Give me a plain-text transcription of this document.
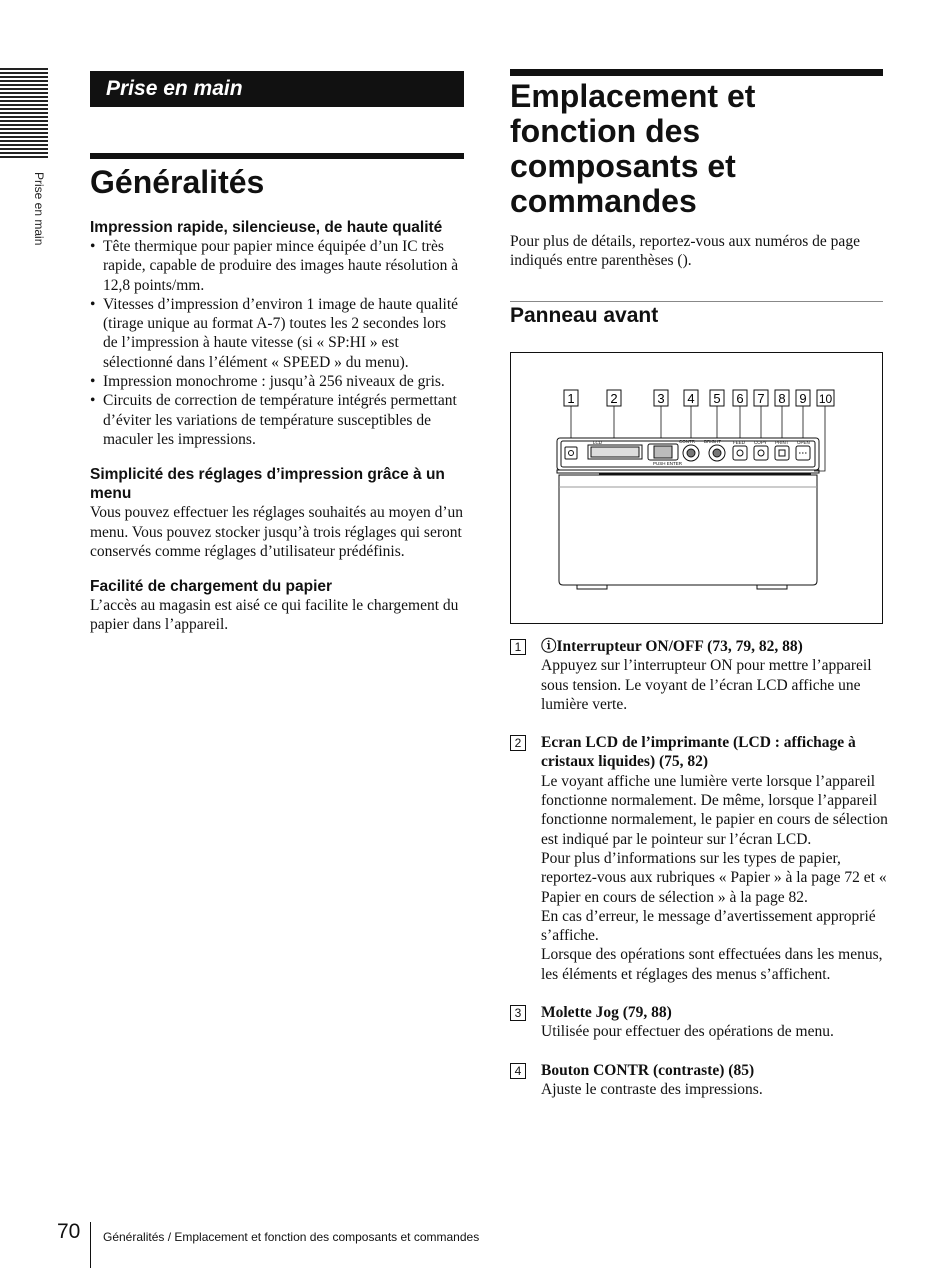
Prise en main
Prise en main
Généralités

Impression rapide, silencieuse, de haute qualité

• Tête thermique pour papier mince équipée d’un IC très rapide, capable de produire des images haute résolution à 12,8 points/mm.
• Vitesses d’impression d’environ 1 image de haute qualité (tirage unique au format A-7) toutes les 2 secondes lors de l’impression à haute vitesse (si « SP:HI » est sélectionné dans l’élément « SPEED » du menu).
• Impression monochrome : jusqu’à 256 niveaux de gris.
• Circuits de correction de température intégrés permettant d’éviter les variations de température susceptibles de maculer les impressions.

Simplicité des réglages d’impression grâce à un menu

Vous pouvez effectuer les réglages souhaités au moyen d’un menu. Vous pouvez stocker jusqu’à trois réglages qui seront conservés comme réglages d’utilisateur prédéfinis.

Facilité de chargement du papier

L’accès au magasin est aisé ce qui facilite le chargement du papier dans l’appareil.

Emplacement et fonction des composants et commandes

Pour plus de détails, reportez-vous aux numéros de page indiqués entre parenthèses ().

Panneau avant
1	2	3 4 5 6 7 8 9 10
LCD	CONTR BRIGHT	FEED COPY PRINT OPEN
PUSH ENTER
1	ⓘInterrupteur ON/OFF (73, 79, 82, 88)

Appuyez sur l’interrupteur ON pour mettre l’appareil sous tension. Le voyant de l’écran LCD affiche une lumière verte.

2	Ecran LCD de l’imprimante (LCD : affichage à cristaux liquides) (75, 82)

Le voyant affiche une lumière verte lorsque l’appareil fonctionne normalement. De même, lorsque l’appareil fonctionne normalement, le papier en cours de sélection est indiqué par le pointeur sur l’écran LCD.
Pour plus d’informations sur les types de papier, reportez-vous aux rubriques « Papier » à la page 72 et « Papier en cours de sélection » à la page 82.
En cas d’erreur, le message d’avertissement approprié s’affiche.
Lorsque des opérations sont effectuées dans les menus, les éléments et réglages des menus s’affichent.

3	Molette Jog (79, 88)

Utilisée pour effectuer des opérations de menu.

4	Bouton CONTR (contraste) (85)

Ajuste le contraste des impressions.

70 Généralités / Emplacement et fonction des composants et commandes
